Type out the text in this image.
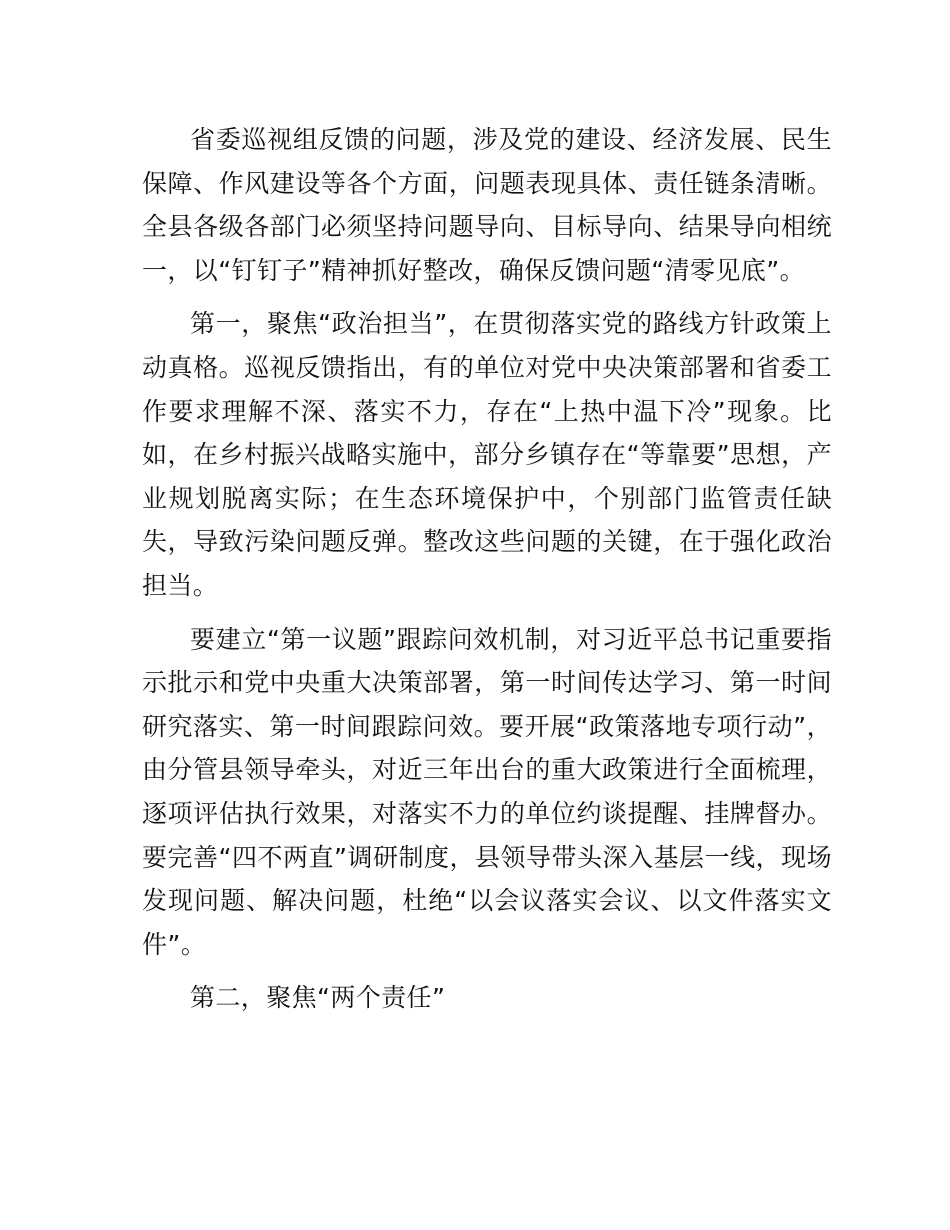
省委巡视组反馈的问题，涉及党的建设、经济发展、民生保障、作风建设等各个方面，问题表现具体、责任链条清晰。全县各级各部门必须坚持问题导向、目标导向、结果导向相统一，以“钉钉子”精神抓好整改，确保反馈问题“清零见底”。

第一，聚焦“政治担当”，在贯彻落实党的路线方针政策上动真格。巡视反馈指出，有的单位对党中央决策部署和省委工作要求理解不深、落实不力，存在“上热中温下冷”现象。比如，在乡村振兴战略实施中，部分乡镇存在“等靠要”思想，产业规划脱离实际；在生态环境保护中，个别部门监管责任缺失，导致污染问题反弹。整改这些问题的关键，在于强化政治担当。

要建立“第一议题”跟踪问效机制，对习近平总书记重要指示批示和党中央重大决策部署，第一时间传达学习、第一时间研究落实、第一时间跟踪问效。要开展“政策落地专项行动”，由分管县领导牵头，对近三年出台的重大政策进行全面梳理，逐项评估执行效果，对落实不力的单位约谈提醒、挂牌督办。要完善“四不两直”调研制度，县领导带头深入基层一线，现场发现问题、解决问题，杜绝“以会议落实会议、以文件落实文件”。

第二，聚焦“两个责任”
